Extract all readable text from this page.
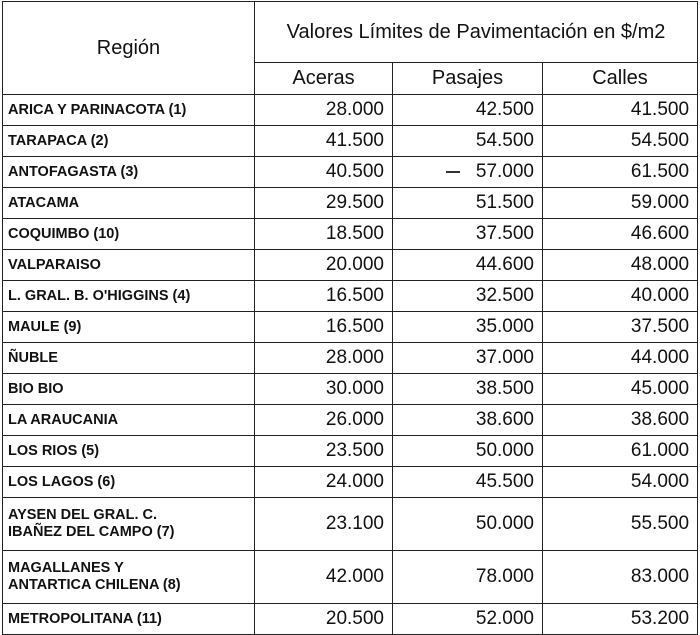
Región	Valores Límites de Pavimentación en $/m2		
	Aceras	Pasajes	Calles
ARICA Y PARINACOTA (1)	28.000	42.500	41.500
TARAPACA (2)	41.500	54.500	54.500
ANTOFAGASTA (3)	40.500	57.000	61.500
ATACAMA	29.500	51.500	59.000
COQUIMBO (10)	18.500	37.500	46.600
VALPARAISO	20.000	44.600	48.000
L. GRAL. B. O'HIGGINS (4)	16.500	32.500	40.000
MAULE (9)	16.500	35.000	37.500
ÑUBLE	28.000	37.000	44.000
BIO BIO	30.000	38.500	45.000
LA ARAUCANIA	26.000	38.600	38.600
LOS RIOS (5)	23.500	50.000	61.000
LOS LAGOS (6)	24.000	45.500	54.000
AYSEN DEL GRAL. C.
IBAÑEZ DEL CAMPO (7)	23.100	50.000	55.500
MAGALLANES Y
ANTARTICA CHILENA (8)	42.000	78.000	83.000
METROPOLITANA (11)	20.500	52.000	53.200
